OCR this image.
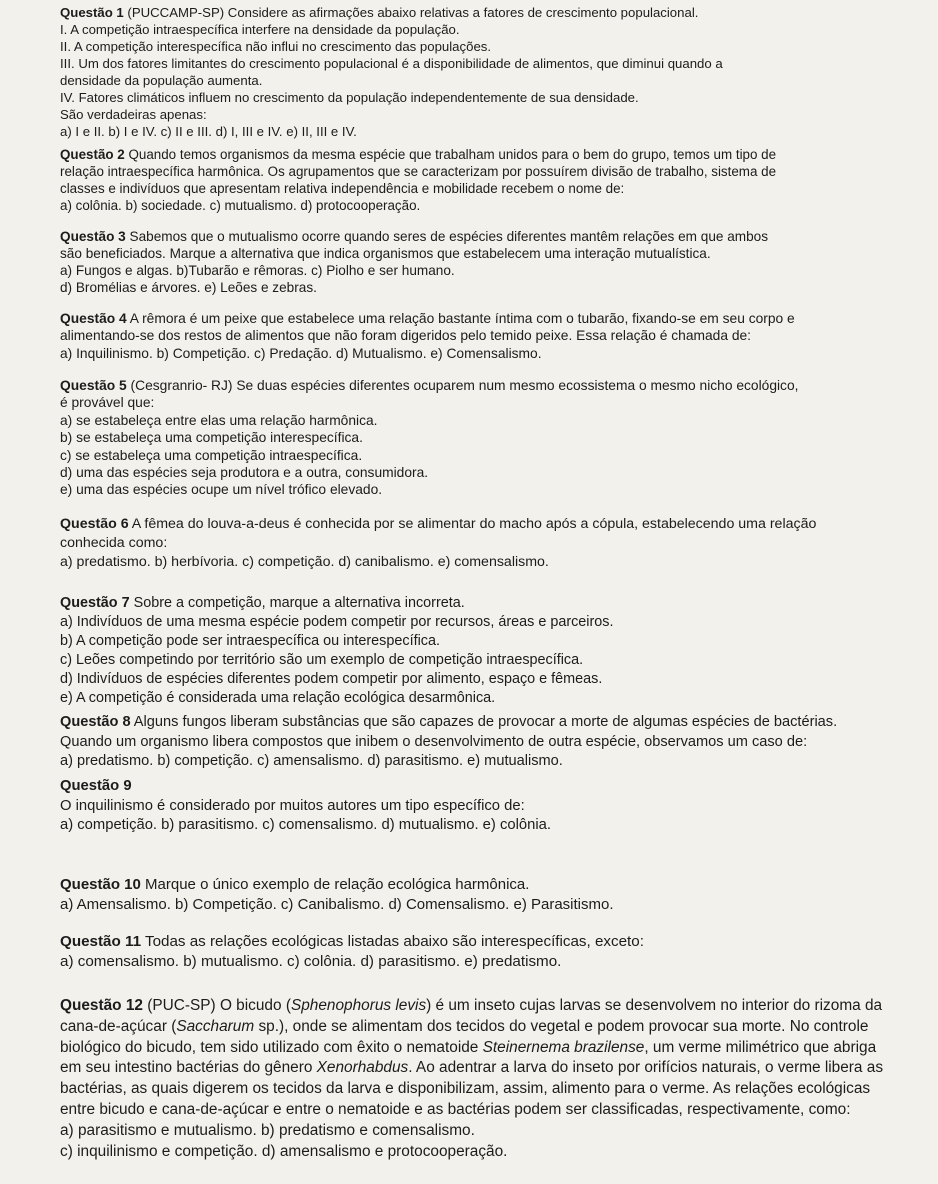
Questão 1 (PUCCAMP-SP) Considere as afirmações abaixo relativas a fatores de crescimento populacional.
I. A competição intraespecífica interfere na densidade da população.
II. A competição interespecífica não influi no crescimento das populações.
III. Um dos fatores limitantes do crescimento populacional é a disponibilidade de alimentos, que diminui quando a
densidade da população aumenta.
IV. Fatores climáticos influem no crescimento da população independentemente de sua densidade.
São verdadeiras apenas:
a) I e II. b) I e IV. c) II e III. d) I, III e IV. e) II, III e IV.
Questão 2 Quando temos organismos da mesma espécie que trabalham unidos para o bem do grupo, temos um tipo de
relação intraespecífica harmônica. Os agrupamentos que se caracterizam por possuírem divisão de trabalho, sistema de
classes e indivíduos que apresentam relativa independência e mobilidade recebem o nome de:
a) colônia. b) sociedade. c) mutualismo. d) protocooperação.
Questão 3 Sabemos que o mutualismo ocorre quando seres de espécies diferentes mantêm relações em que ambos
são beneficiados. Marque a alternativa que indica organismos que estabelecem uma interação mutualística.
a) Fungos e algas. b)Tubarão e rêmoras. c) Piolho e ser humano.
d) Bromélias e árvores. e) Leões e zebras.
Questão 4 A rêmora é um peixe que estabelece uma relação bastante íntima com o tubarão, fixando-se em seu corpo e
alimentando-se dos restos de alimentos que não foram digeridos pelo temido peixe. Essa relação é chamada de:
a) Inquilinismo. b) Competição. c) Predação. d) Mutualismo. e) Comensalismo.
Questão 5 (Cesgranrio- RJ) Se duas espécies diferentes ocuparem num mesmo ecossistema o mesmo nicho ecológico,
é provável que:
a) se estabeleça entre elas uma relação harmônica.
b) se estabeleça uma competição interespecífica.
c) se estabeleça uma competição intraespecífica.
d) uma das espécies seja produtora e a outra, consumidora.
e) uma das espécies ocupe um nível trófico elevado.
Questão 6 A fêmea do louva-a-deus é conhecida por se alimentar do macho após a cópula, estabelecendo uma relação
conhecida como:
a) predatismo. b) herbívoria. c) competição. d) canibalismo. e) comensalismo.
Questão 7 Sobre a competição, marque a alternativa incorreta.
a) Indivíduos de uma mesma espécie podem competir por recursos, áreas e parceiros.
b) A competição pode ser intraespecífica ou interespecífica.
c) Leões competindo por território são um exemplo de competição intraespecífica.
d) Indivíduos de espécies diferentes podem competir por alimento, espaço e fêmeas.
e) A competição é considerada uma relação ecológica desarmônica.
Questão 8 Alguns fungos liberam substâncias que são capazes de provocar a morte de algumas espécies de bactérias.
Quando um organismo libera compostos que inibem o desenvolvimento de outra espécie, observamos um caso de:
a) predatismo. b) competição. c) amensalismo. d) parasitismo. e) mutualismo.
Questão 9
O inquilinismo é considerado por muitos autores um tipo específico de:
a) competição. b) parasitismo. c) comensalismo. d) mutualismo. e) colônia.
Questão 10 Marque o único exemplo de relação ecológica harmônica.
a) Amensalismo. b) Competição. c) Canibalismo. d) Comensalismo. e) Parasitismo.
Questão 11 Todas as relações ecológicas listadas abaixo são interespecíficas, exceto:
a) comensalismo. b) mutualismo. c) colônia. d) parasitismo. e) predatismo.
Questão 12 (PUC-SP) O bicudo (Sphenophorus levis) é um inseto cujas larvas se desenvolvem no interior do rizoma da
cana-de-açúcar (Saccharum sp.), onde se alimentam dos tecidos do vegetal e podem provocar sua morte. No controle
biológico do bicudo, tem sido utilizado com êxito o nematoide Steinernema brazilense, um verme milimétrico que abriga
em seu intestino bactérias do gênero Xenorhabdus. Ao adentrar a larva do inseto por orifícios naturais, o verme libera as
bactérias, as quais digerem os tecidos da larva e disponibilizam, assim, alimento para o verme. As relações ecológicas
entre bicudo e cana-de-açúcar e entre o nematoide e as bactérias podem ser classificadas, respectivamente, como:
a) parasitismo e mutualismo. b) predatismo e comensalismo.
c) inquilinismo e competição. d) amensalismo e protocooperação.
